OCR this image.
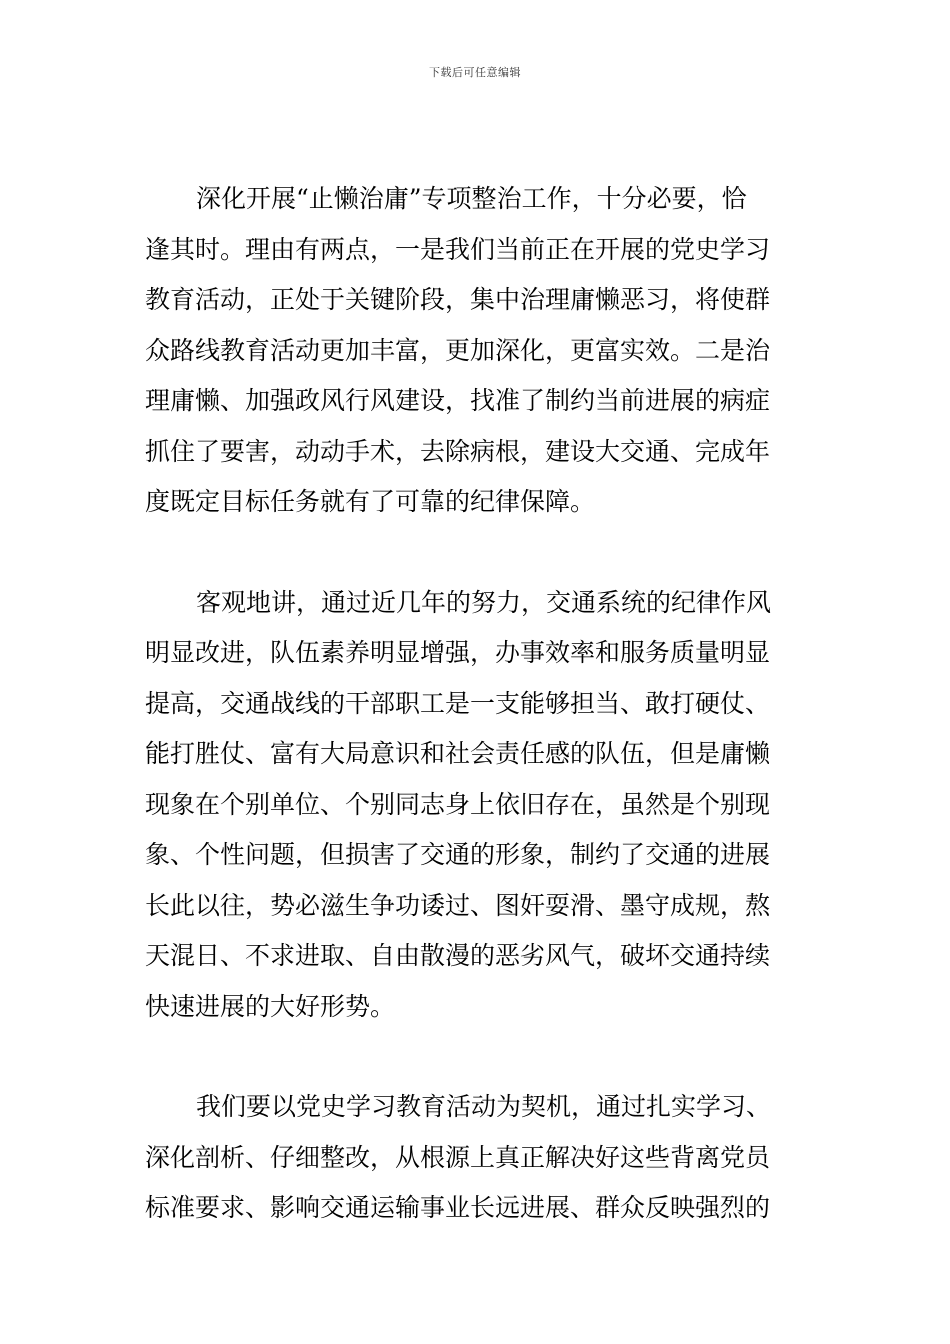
下载后可任意编辑

深化开展“止懒治庸”专项整治工作，十分必要，恰
逢其时。理由有两点，一是我们当前正在开展的党史学习
教育活动，正处于关键阶段，集中治理庸懒恶习，将使群
众路线教育活动更加丰富，更加深化，更富实效。二是治
理庸懒、加强政风行风建设，找准了制约当前进展的病症
抓住了要害，动动手术，去除病根，建设大交通、完成年
度既定目标任务就有了可靠的纪律保障。

客观地讲，通过近几年的努力，交通系统的纪律作风
明显改进，队伍素养明显增强，办事效率和服务质量明显
提高，交通战线的干部职工是一支能够担当、敢打硬仗、
能打胜仗、富有大局意识和社会责任感的队伍，但是庸懒
现象在个别单位、个别同志身上依旧存在，虽然是个别现
象、个性问题，但损害了交通的形象，制约了交通的进展
长此以往，势必滋生争功诿过、图奸耍滑、墨守成规，熬
天混日、不求进取、自由散漫的恶劣风气，破坏交通持续
快速进展的大好形势。

我们要以党史学习教育活动为契机，通过扎实学习、
深化剖析、仔细整改，从根源上真正解决好这些背离党员
标准要求、影响交通运输事业长远进展、群众反映强烈的
